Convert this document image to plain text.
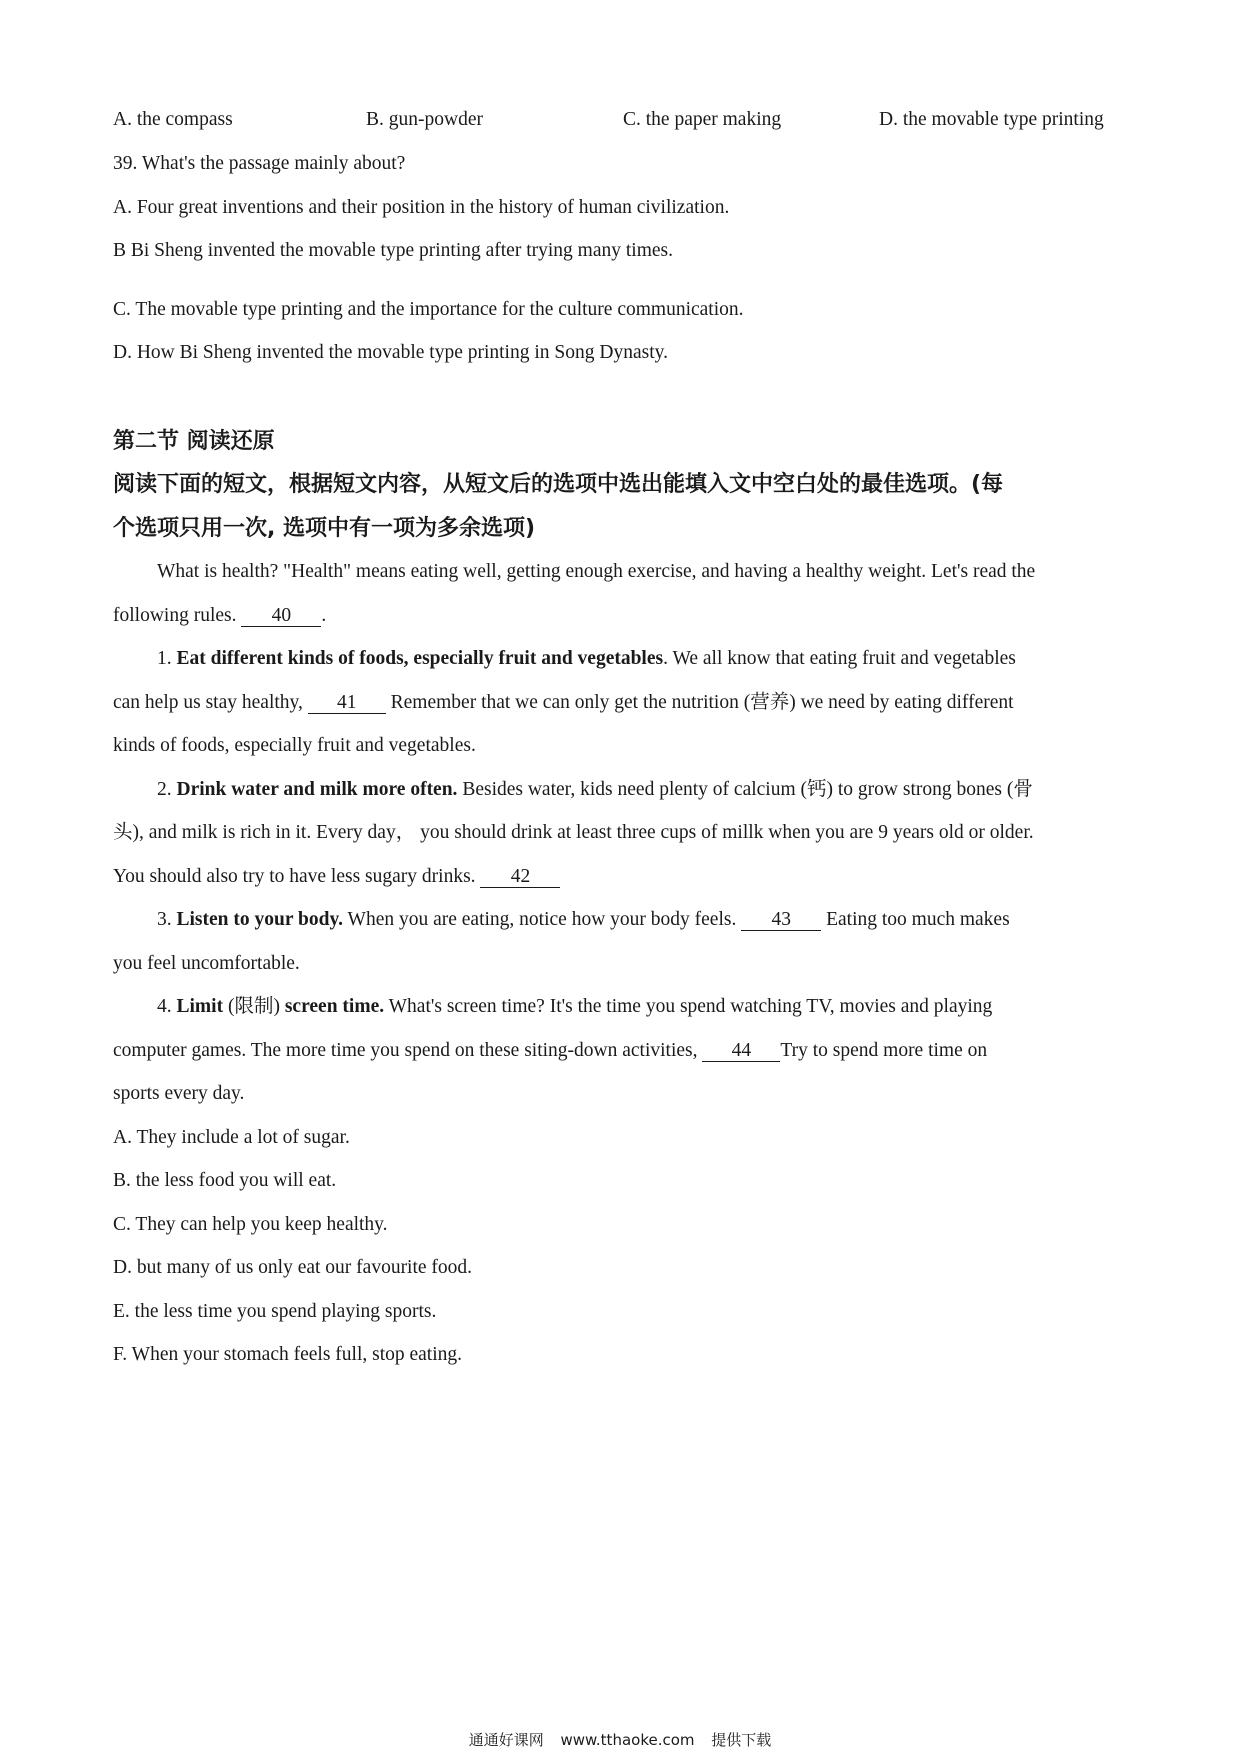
A. the compass	B. gun-powder	C. the paper making	D. the movable type printing
39. What's the passage mainly about?
A. Four great inventions and their position in the history of human civilization.
B Bi Sheng invented the movable type printing after trying many times.
C. The movable type printing and the importance for the culture communication.
D. How Bi Sheng invented the movable type printing in Song Dynasty.
第二节 阅读还原
阅读下面的短文，根据短文内容，从短文后的选项中选出能填入文中空白处的最佳选项。(每
个选项只用一次, 选项中有一项为多余选项)
What is health? "Health" means eating well, getting enough exercise, and having a healthy weight. Let's read the
following rules. 40 .
1. Eat different kinds of foods, especially fruit and vegetables. We all know that eating fruit and vegetables
can help us stay healthy, 41 Remember that we can only get the nutrition (营养) we need by eating different
kinds of foods, especially fruit and vegetables.
2. Drink water and milk more often. Besides water, kids need plenty of calcium (钙) to grow strong bones (骨
头), and milk is rich in it. Every day， you should drink at least three cups of millk when you are 9 years old or older.
You should also try to have less sugary drinks. 42
3. Listen to your body. When you are eating, notice how your body feels. 43 Eating too much makes
you feel uncomfortable.
4. Limit (限制) screen time. What's screen time? It's the time you spend watching TV, movies and playing
computer games. The more time you spend on these siting-down activities, 44 Try to spend more time on
sports every day.
A. They include a lot of sugar.
B. the less food you will eat.
C. They can help you keep healthy.
D. but many of us only eat our favourite food.
E. the less time you spend playing sports.
F. When your stomach feels full, stop eating.
通通好课网 www.tthaoke.com 提供下载
